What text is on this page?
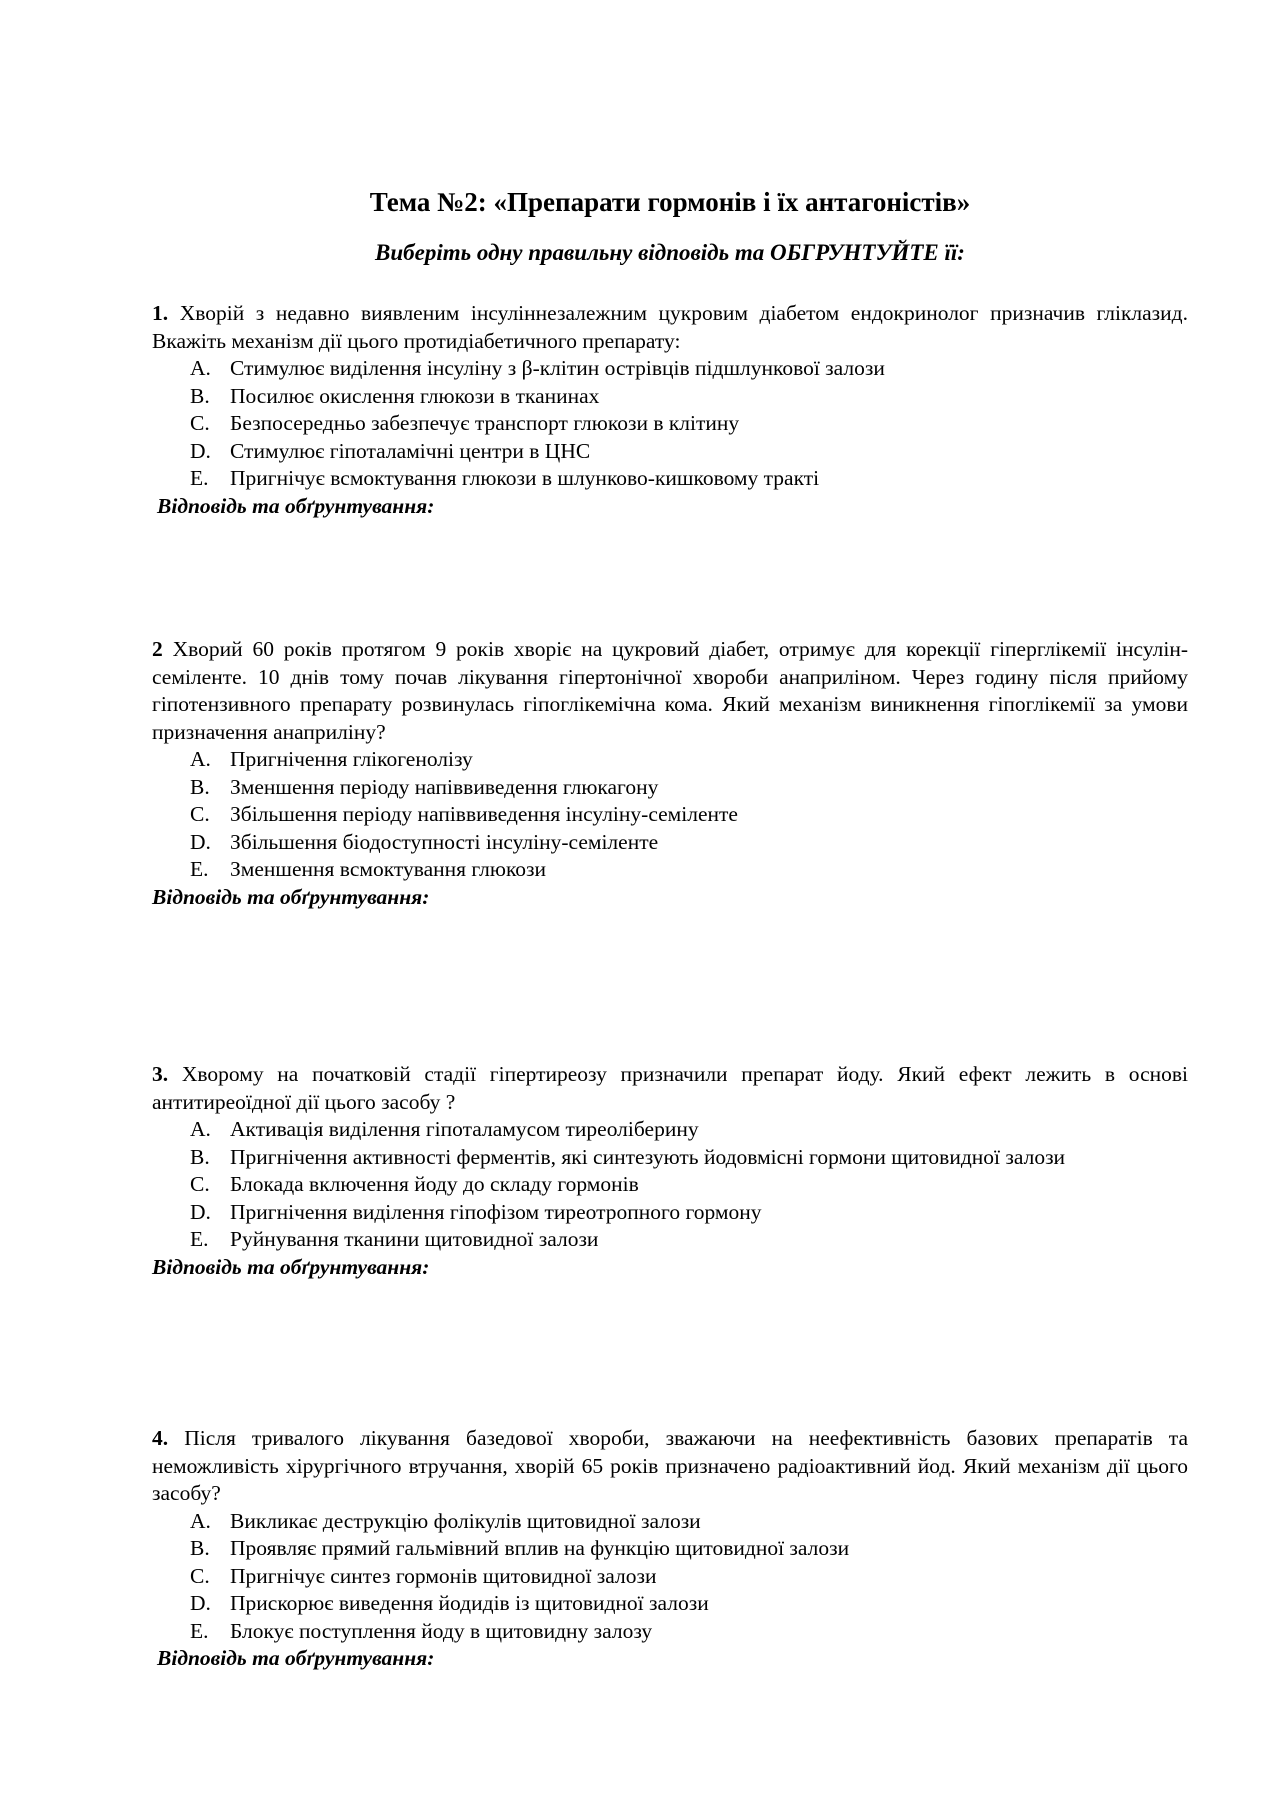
Тема №2: «Препарати гормонів і їх антагоністів»
Виберіть одну правильну відповідь та ОБГРУНТУЙТЕ її:

1. Хворій з недавно виявленим інсуліннезалежним цукровим діабетом ендокринолог призначив гліклазид. Вкажіть механізм дії цього протидіабетичного препарату:

A. Стимулює виділення інсуліну з β-клітин острівців підшлункової залози
B. Посилює окислення глюкози в тканинах
C. Безпосередньо забезпечує транспорт глюкози в клітину
D. Стимулює гіпоталамічні центри в ЦНС
E. Пригнічує всмоктування глюкози в шлунково-кишковому тракті
Відповідь та обґрунтування:

2 Хворий 60 років протягом 9 років хворіє на цукровий діабет, отримує для корекції гіперглікемії інсулін-семіленте. 10 днів тому почав лікування гіпертонічної хвороби анаприліном. Через годину після прийому гіпотензивного препарату розвинулась гіпоглікемічна кома. Який механізм виникнення гіпоглікемії за умови призначення анаприліну?

A. Пригнічення глікогенолізу
B. Зменшення періоду напіввиведення глюкагону
C. Збільшення періоду напіввиведення інсуліну-семіленте
D. Збільшення біодоступності інсуліну-семіленте
E. Зменшення всмоктування глюкози
Відповідь та обґрунтування:

3. Хворому на початковій стадії гіпертиреозу призначили препарат йоду. Який ефект лежить в основі антитиреоїдної дії цього засобу ?

A. Активація виділення гіпоталамусом тиреоліберину
B. Пригнічення активності ферментів, які синтезують йодовмісні гормони щитовидної залози
C. Блокада включення йоду до складу гормонів
D. Пригнічення виділення гіпофізом тиреотропного гормону
E. Руйнування тканини щитовидної залози
Відповідь та обґрунтування:

4. Після тривалого лікування базедової хвороби, зважаючи на неефективність базових препаратів та неможливість хірургічного втручання, хворій 65 років призначено радіоактивний йод. Який механізм дії цього засобу?

A. Викликає деструкцію фолікулів щитовидної залози
B. Проявляє прямий гальмівний вплив на функцію щитовидної залози
C. Пригнічує синтез гормонів щитовидної залози
D. Прискорює виведення йодидів із щитовидної залози
E. Блокує поступлення йоду в щитовидну залозу
Відповідь та обґрунтування:
